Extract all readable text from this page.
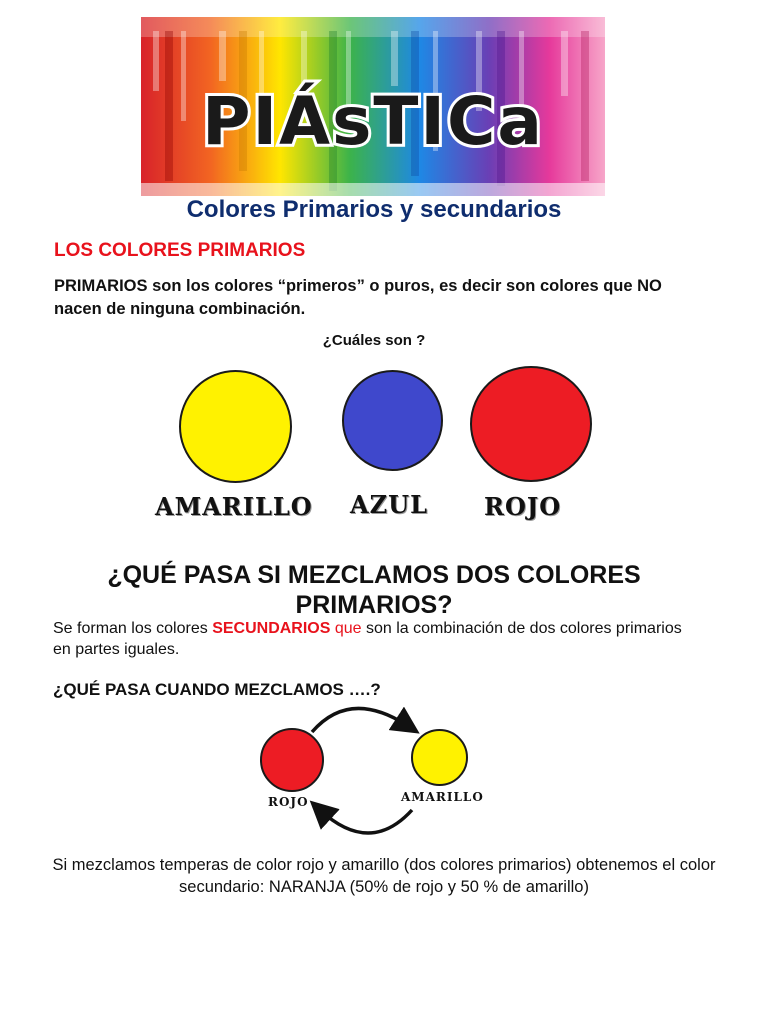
PIÁsTICa
Colores Primarios y secundarios
LOS COLORES PRIMARIOS
PRIMARIOS son los colores “primeros” o puros, es decir son colores que NO nacen de ninguna combinación.
¿Cuáles son ?
AMARILLO AZUL ROJO
¿QUÉ PASA SI MEZCLAMOS DOS COLORES PRIMARIOS?
Se forman los colores SECUNDARIOS que son la combinación de dos colores primarios en partes iguales.
¿QUÉ PASA CUANDO MEZCLAMOS ….?
ROJO	AMARILLO
Si mezclamos temperas de color rojo y amarillo (dos colores primarios) obtenemos el color secundario: NARANJA (50% de rojo y 50 % de amarillo)
